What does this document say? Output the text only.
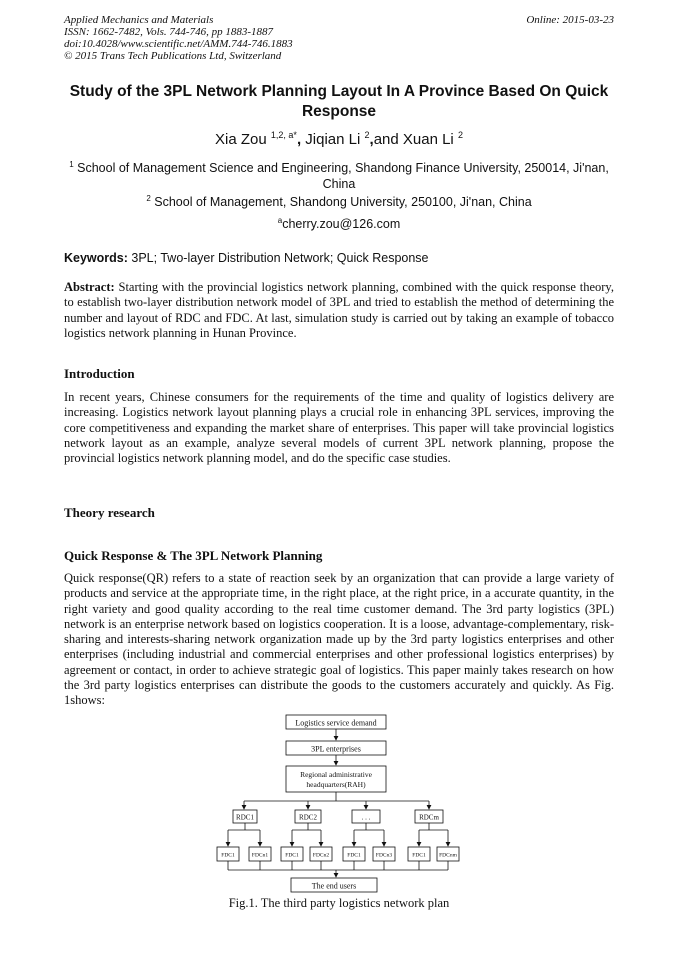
Applied Mechanics and Materials
ISSN: 1662-7482, Vols. 744-746, pp 1883-1887
doi:10.4028/www.scientific.net/AMM.744-746.1883
© 2015 Trans Tech Publications Ltd, Switzerland
Online: 2015-03-23
Study of the 3PL Network Planning Layout In A Province Based On Quick
Response
Xia Zou $^{1,2, a*}$, Jiqian Li $^2$,and Xuan Li $^2$
$^1$ School of Management Science and Engineering, Shandong Finance University, 250014, Ji'nan,
China
$^2$ School of Management, Shandong University, 250100, Ji'nan, China
$^a$cherry.zou@126.com
Keywords: 3PL; Two-layer Distribution Network; Quick Response
Abstract: Starting with the provincial logistics network planning, combined with the quick response theory, to establish two-layer distribution network model of 3PL and tried to establish the method of determining the number and layout of RDC and FDC. At last, simulation study is carried out by taking an example of tobacco logistics network planning in Hunan Province.
Introduction
In recent years, Chinese consumers for the requirements of the time and quality of logistics delivery are increasing. Logistics network layout planning plays a crucial role in enhancing 3PL services, improving the core competitiveness and expanding the market share of enterprises. This paper will take provincial logistics network layout as an example, analyze several models of current 3PL network planning, propose the provincial logistics network planning model, and do the specific case studies.
Theory research
Quick Response & The 3PL Network Planning
Quick response(QR) refers to a state of reaction seek by an organization that can provide a large variety of products and service at the appropriate time, in the right place, at the right price, in a accurate quantity, in the right variety and good quality according to the real time customer demand. The 3rd party logistics (3PL) network is an enterprise network based on logistics cooperation. It is a loose, advantage-complementary, risk-sharing and interests-sharing network organization made up by the 3rd party logistics enterprises and other enterprises (including industrial and commercial enterprises and other professional logistics enterprises) by agreement or contact, in order to achieve strategic goal of logistics. This paper mainly takes research on how the 3rd party logistics enterprises can distribute the goods to the customers accurately and quickly. As Fig. 1shows:
Logistics service demand
3PL enterprises
Regional administrative
headquarters(RAH)
RDC1	RDC2	. . .	RDCm
FDC1	FDCn1	FDC1	FDCn2	FDC1	FDCn3	FDC1 FDCnm
The end users
Fig.1. The third party logistics network plan
